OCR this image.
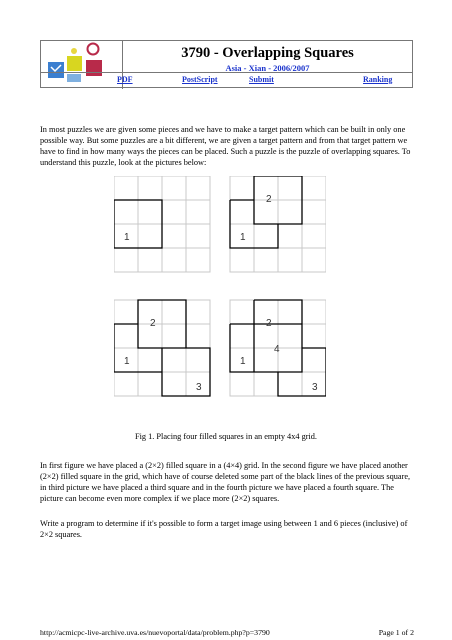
3790 - Overlapping Squares
Asia - Xian - 2006/2007
PDF	PostScript	Submit	Ranking

In most puzzles we are given some pieces and we have to make a target pattern which can be built in only one possible way. But some puzzles are a bit different, we are given a target pattern and from that target pattern we have to find in how many ways the pieces can be placed. Such a puzzle is the puzzle of overlapping squares. To understand this puzzle, look at the pictures below:

1
2
1
2
1
3
2
1
4
3
Fig 1. Placing four filled squares in an empty 4x4 grid.

In first figure we have placed a (2×2) filled square in a (4×4) grid. In the second figure we have placed another (2×2) filled square in the grid, which have of course deleted some part of the black lines of the previous square, in third picture we have placed a third square and in the fourth picture we have placed a fourth square. The picture can become even more complex if we place more (2×2) squares.

Write a program to determine if it's possible to form a target image using between 1 and 6 pieces (inclusive) of 2×2 squares.

http://acmicpc-live-archive.uva.es/nuevoportal/data/problem.php?p=3790	Page 1 of 2
